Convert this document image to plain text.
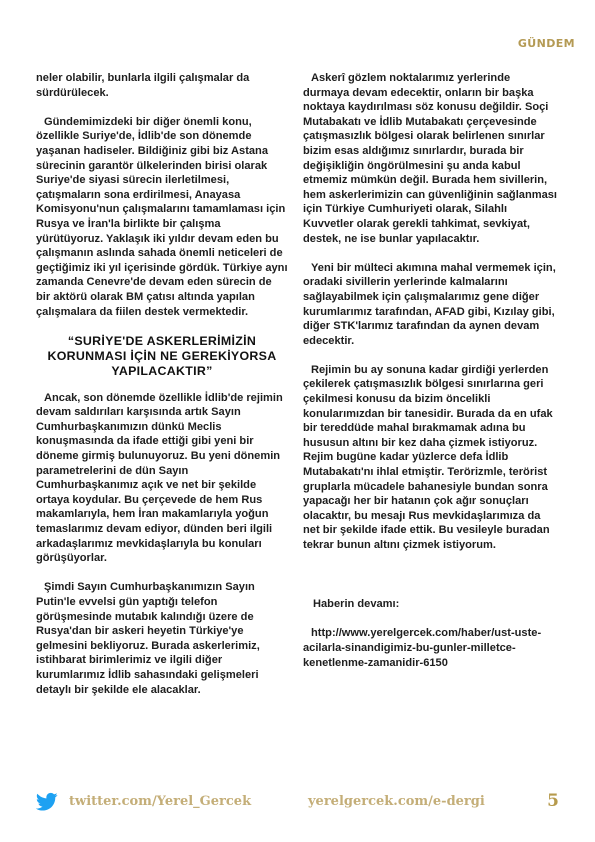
GÜNDEM

neler olabilir, bunlarla ilgili çalışmalar da sürdürülecek.

Gündemimizdeki bir diğer önemli konu, özellikle Suriye'de, İdlib'de son dönemde yaşanan hadiseler. Bildiğiniz gibi biz Astana sürecinin garantör ülkelerinden birisi olarak Suriye'de siyasi sürecin ilerletilmesi, çatışmaların sona erdirilmesi, Anayasa Komisyonu'nun çalışmalarını tamamlaması için Rusya ve İran'la birlikte bir çalışma yürütüyoruz. Yaklaşık iki yıldır devam eden bu çalışmanın aslında sahada önemli neticeleri de geçtiğimiz iki yıl içerisinde gördük. Türkiye aynı zamanda Cenevre'de devam eden sürecin de bir aktörü olarak BM çatısı altında yapılan çalışmalara da fiilen destek vermektedir.

“SURİYE'DE ASKERLERİMİZİN KORUNMASI İÇİN NE GEREKİYORSA YAPILACAKTIR”

Ancak, son dönemde özellikle İdlib'de rejimin devam saldırıları karşısında artık Sayın Cumhurbaşkanımızın dünkü Meclis konuşmasında da ifade ettiği gibi yeni bir döneme girmiş bulunuyoruz. Bu yeni dönemin parametrelerini de dün Sayın Cumhurbaşkanımız açık ve net bir şekilde ortaya koydular. Bu çerçevede de hem Rus makamlarıyla, hem İran makamlarıyla yoğun temaslarımız devam ediyor, dünden beri ilgili arkadaşlarımız mevkidaşlarıyla bu konuları görüşüyorlar.

Şimdi Sayın Cumhurbaşkanımızın Sayın Putin'le evvelsi gün yaptığı telefon görüşmesinde mutabık kalındığı üzere de Rusya'dan bir askeri heyetin Türkiye'ye gelmesini bekliyoruz. Burada askerlerimiz, istihbarat birimlerimiz ve ilgili diğer kurumlarımız İdlib sahasındaki gelişmeleri detaylı bir şekilde ele alacaklar.

Askerî gözlem noktalarımız yerlerinde durmaya devam edecektir, onların bir başka noktaya kaydırılması söz konusu değildir. Soçi Mutabakatı ve İdlib Mutabakatı çerçevesinde çatışmasızlık bölgesi olarak belirlenen sınırlar bizim esas aldığımız sınırlardır, burada bir değişikliğin öngörülmesini şu anda kabul etmemiz mümkün değil. Burada hem sivillerin, hem askerlerimizin can güvenliğinin sağlanması için Türkiye Cumhuriyeti olarak, Silahlı Kuvvetler olarak gerekli tahkimat, sevkiyat, destek, ne ise bunlar yapılacaktır.

Yeni bir mülteci akımına mahal vermemek için, oradaki sivillerin yerlerinde kalmalarını sağlayabilmek için çalışmalarımız gene diğer kurumlarımız tarafından, AFAD gibi, Kızılay gibi, diğer STK'larımız tarafından da aynen devam edecektir.

Rejimin bu ay sonuna kadar girdiği yerlerden çekilerek çatışmasızlık bölgesi sınırlarına geri çekilmesi konusu da bizim öncelikli konularımızdan bir tanesidir. Burada da en ufak bir tereddüde mahal bırakmamak adına bu hususun altını bir kez daha çizmek istiyoruz. Rejim bugüne kadar yüzlerce defa İdlib Mutabakatı'nı ihlal etmiştir. Terörizmle, terörist gruplarla mücadele bahanesiyle bundan sonra yapacağı her bir hatanın çok ağır sonuçları olacaktır, bu mesajı Rus mevkidaşlarımıza da net bir şekilde ifade ettik. Bu vesileyle buradan tekrar bunun altını çizmek istiyorum.

Haberin devamı:

http://www.yerelgercek.com/haber/ust-uste-acilarla-sinandigimiz-bu-gunler-milletce-kenetlenme-zamanidir-6150

twitter.com/Yerel_Gercek	yerelgercek.com/e-dergi	5
